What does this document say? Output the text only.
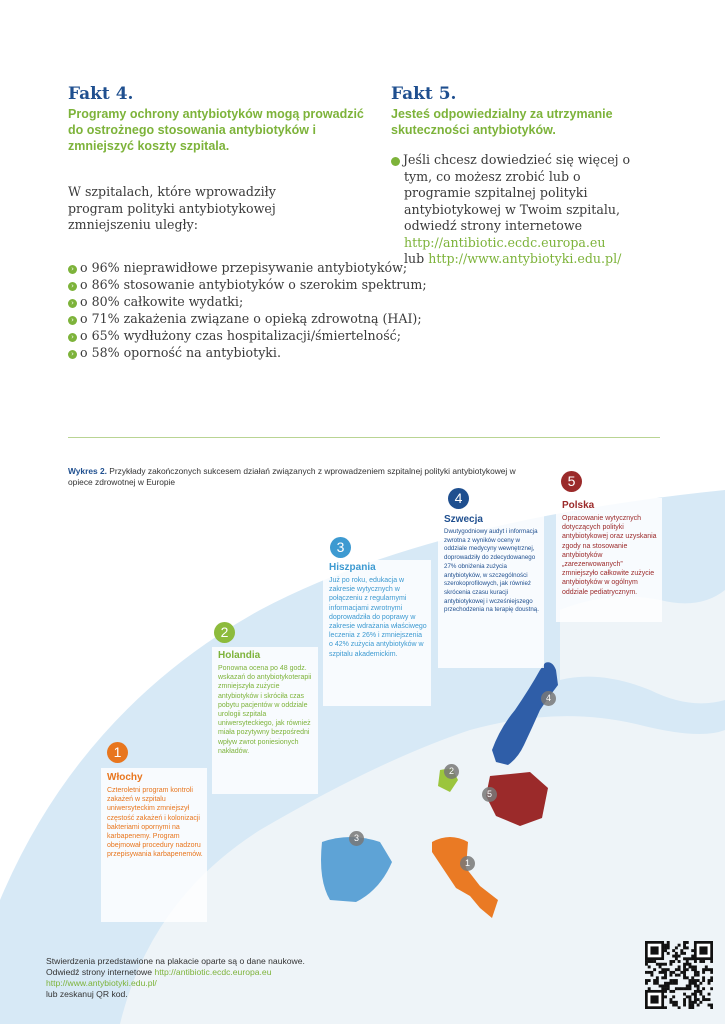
Fakt 4.
Programy ochrony antybiotyków mogą prowadzić do ostrożnego stosowania antybiotyków i zmniejszyć koszty szpitala.
W szpitalach, które wprowadziły program polityki antybiotykowej zmniejszeniu uległy:
› o 96% nieprawidłowe przepisywanie antybiotyków;
› o 86% stosowanie antybiotyków o szerokim spektrum;
› o 80% całkowite wydatki;
› o 71% zakażenia związane o opieką zdrowotną (HAI);
› o 65% wydłużony czas hospitalizacji/śmiertelność;
› o 58% oporność na antybiotyki.
Fakt 5.
Jesteś odpowiedzialny za utrzymanie skuteczności antybiotyków.
› Jeśli chcesz dowiedzieć się więcej o tym, co możesz zrobić lub o programie szpitalnej polityki antybiotykowej w Twoim szpitalu, odwiedź strony internetowe
http://antibiotic.ecdc.europa.eu
lub http://www.antybiotyki.edu.pl/
4
2
5
3
1
Wykres 2. Przykłady zakończonych sukcesem działań związanych z wprowadzeniem szpitalnej polityki antybiotykowej w opiece zdrowotnej w Europie
1
Włochy
Czteroletni program kontroli zakażeń w szpitalu uniwersyteckim zmniejszył częstość zakażeń i kolonizacji bakteriami opornymi na karbapenemy. Program obejmował procedury nadzoru przepisywania karbapenemów.
2
Holandia
Ponowna ocena po 48 godz. wskazań do antybiotykoterapii zmniejszyła zużycie antybiotyków i skróciła czas pobytu pacjentów w oddziale urologii szpitala uniwersyteckiego, jak również miała pozytywny bezpośredni wpływ zwrot poniesionych nakładów.
3
Hiszpania
Już po roku, edukacja w zakresie wytycznych w połączeniu z regularnymi informacjami zwrotnymi doprowadziła do poprawy w zakresie wdrażania właściwego leczenia z 26% i zmniejszenia o 42% zużycia antybiotyków w szpitalu akademickim.
4
Szwecja
Dwutygodniowy audyt i informacja zwrotna z wyników oceny w oddziale medycyny wewnętrznej, doprowadziły do zdecydowanego 27% obniżenia zużycia antybiotyków, w szczególności szerokoprofilowych, jak również skrócenia czasu kuracji antybiotykowej i wcześniejszego przechodzenia na terapię doustną.
5
Polska
Opracowanie wytycznych dotyczących polityki antybiotykowej oraz uzyskania zgody na stosowanie antybiotyków „zarezerwowanych” zmniejszyło całkowite zużycie antybiotyków w ogólnym oddziale pediatrycznym.
Stwierdzenia przedstawione na plakacie oparte są o dane naukowe.
Odwiedź strony internetowe http://antibiotic.ecdc.europa.eu
http://www.antybiotyki.edu.pl/
lub zeskanuj QR kod.
